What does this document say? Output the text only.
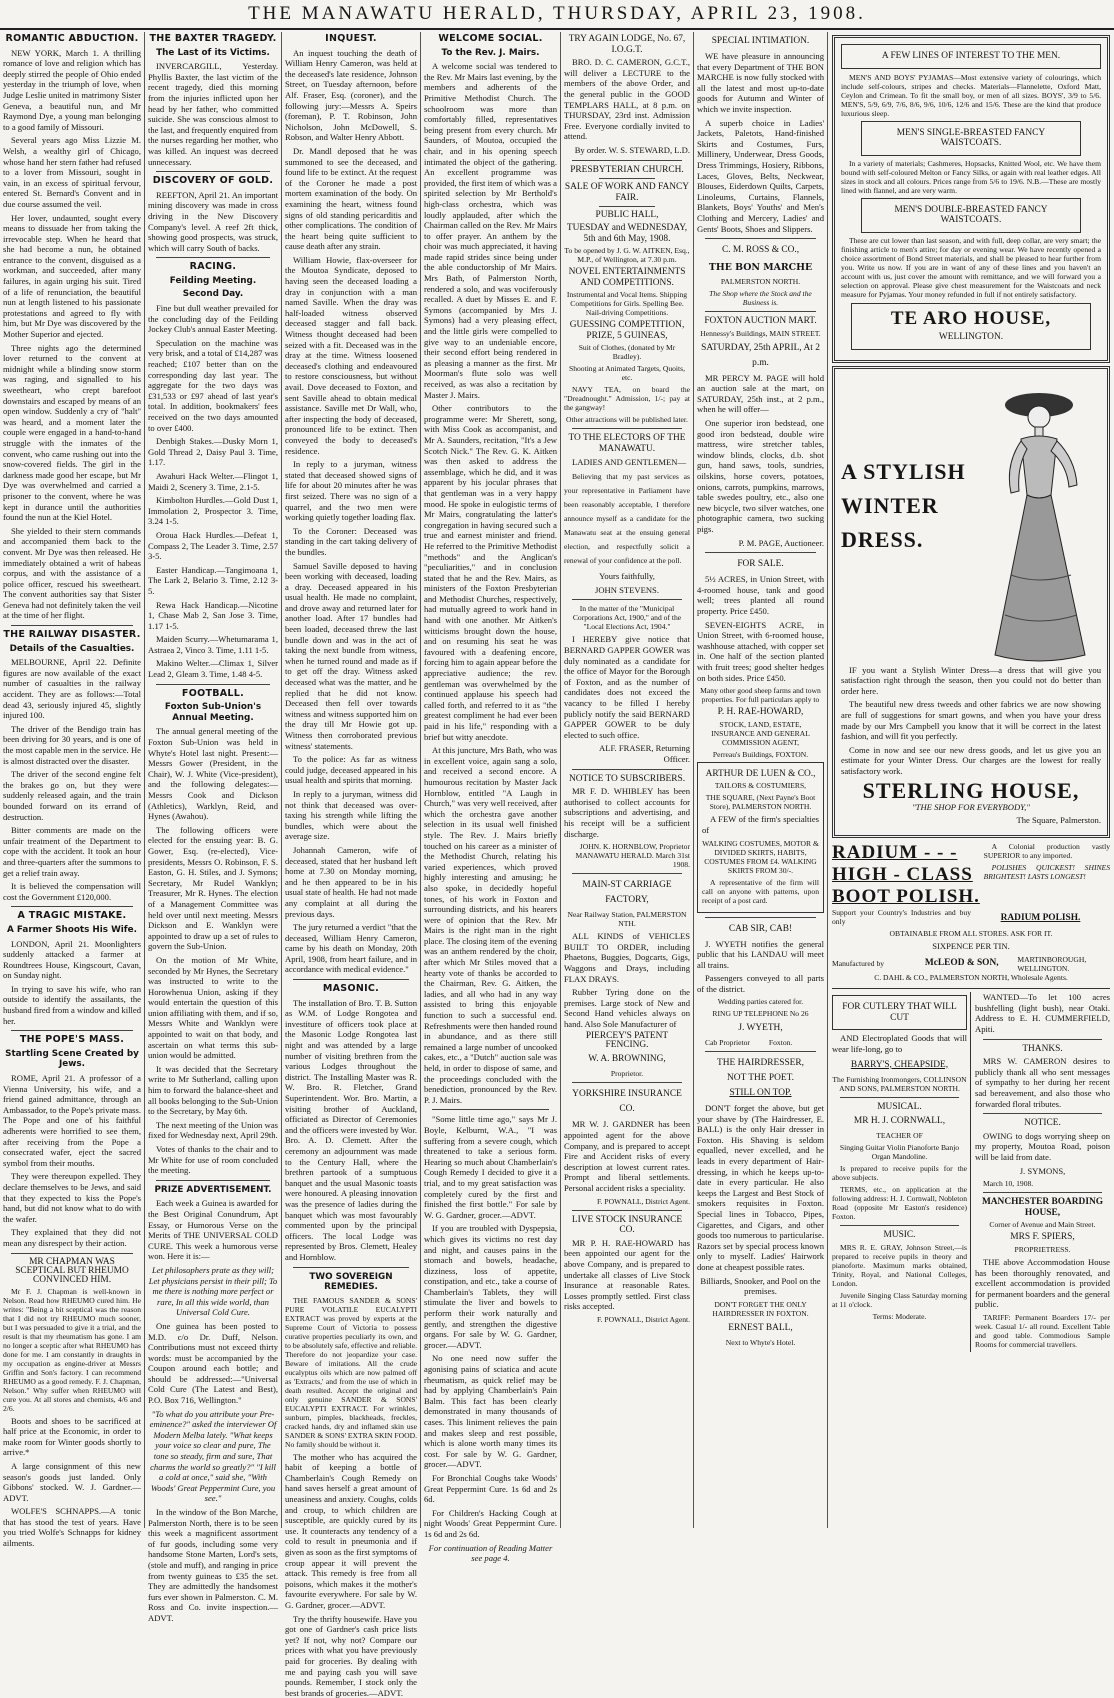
THE MANAWATU HERALD, THURSDAY, APRIL 23, 1908.
ROMANTIC ABDUCTION.

NEW YORK, March 1. A thrilling romance of love and religion which has deeply stirred the people of Ohio ended yesterday in the triumph of love, when Judge Leslie united in matrimony Sister Geneva, a beautiful nun, and Mr Raymond Dye, a young man belonging to a good family of Missouri.

Several years ago Miss Lizzie M. Welsh, a wealthy girl of Chicago, whose hand her stern father had refused to a lover from Missouri, sought in vain, in an excess of spiritual fervour, entered St. Bernard's Convent and in due course assumed the veil.

Her lover, undaunted, sought every means to dissuade her from taking the irrevocable step. When he heard that she had become a nun, he obtained entrance to the convent, disguised as a workman, and succeeded, after many failures, in again urging his suit. Tired of a life of renunciation, the beautiful nun at length listened to his passionate protestations and agreed to fly with him, but Mr Dye was discovered by the Mother Superior and ejected.

Three nights ago the determined lover returned to the convent at midnight while a blinding snow storm was raging, and signalled to his sweetheart, who crept barefoot downstairs and escaped by means of an open window. Suddenly a cry of "halt" was heard, and a moment later the couple were engaged in a hand-to-hand struggle with the inmates of the convent, who came rushing out into the snow-covered fields. The girl in the darkness made good her escape, but Mr Dye was overwhelmed and carried a prisoner to the convent, where he was kept in durance until the authorities found the nun at the Kiel Hotel.

She yielded to their stern commands and accompanied them back to the convent. Mr Dye was then released. He immediately obtained a writ of habeas corpus, and with the assistance of a police officer, rescued his sweetheart. The convent authorities say that Sister Geneva had not definitely taken the veil at the time of her flight.

THE RAILWAY DISASTER.
Details of the Casualties.

MELBOURNE, April 22. Definite figures are now available of the exact number of casualties in the railway accident. They are as follows:—Total dead 43, seriously injured 45, slightly injured 100.

The driver of the Bendigo train has been driving for 30 years, and is one of the most capable men in the service. He is almost distracted over the disaster.

The driver of the second engine felt the brakes go on, but they were suddenly released again, and the train bounded forward on its errand of destruction.

Bitter comments are made on the unfair treatment of the Department to cope with the accident. It took an hour and three-quarters after the summons to get a relief train away.

It is believed the compensation will cost the Government £120,000.

A TRAGIC MISTAKE.
A Farmer Shoots His Wife.

LONDON, April 21. Moonlighters suddenly attacked a farmer at Roundtrees House, Kingscourt, Cavan, on Sunday night.

In trying to save his wife, who ran outside to identify the assailants, the husband fired from a window and killed her.

THE POPE'S MASS.
Startling Scene Created by Jews.

ROME, April 21. A professor of a Vienna University, his wife, and a friend gained admittance, through an Ambassador, to the Pope's private mass. The Pope and one of his faithful adherents were horrified to see them, after receiving from the Pope a consecrated wafer, eject the sacred symbol from their mouths.

They were thereupon expelled. They declare themselves to be Jews, and said that they expected to kiss the Pope's hand, but did not know what to do with the wafer.

They explained that they did not mean any disrespect by their action.

MR CHAPMAN WAS SCEPTICAL BUT RHEUMO CONVINCED HIM.

Mr F. J. Chapman is well-known in Nelson. Read how RHEUMO cured him. He writes: "Being a bit sceptical was the reason that I did not try RHEUMO much sooner, but I was persuaded to give it a trial, and the result is that my rheumatism has gone. I am no longer a sceptic after what RHEUMO has done for me. I am constantly in draughts in my occupation as engine-driver at Messrs Griffin and Son's factory. I can recommend RHEUMO as a good remedy. F. J. Chapman, Nelson." Why suffer when RHEUMO will cure you. At all stores and chemists, 4/6 and 2/6.

Boots and shoes to be sacrificed at half price at the Economic, in order to make room for Winter goods shortly to arrive.*

A large consignment of this new season's goods just landed. Only Gibbons' stocked. W. J. Gardner.—ADVT.

WOLFE'S SCHNAPPS.—A tonic that has stood the test of years. Have you tried Wolfe's Schnapps for kidney ailments.

THE BAXTER TRAGEDY.
The Last of its Victims.

INVERCARGILL, Yesterday. Phyllis Baxter, the last victim of the recent tragedy, died this morning from the injuries inflicted upon her head by her father, who committed suicide. She was conscious almost to the last, and frequently enquired from the nurses regarding her mother, who was killed. An inquest was decreed unnecessary.

DISCOVERY OF GOLD.

REEFTON, April 21. An important mining discovery was made in cross driving in the New Discovery Company's level. A reef 2ft thick, showing good prospects, was struck, which will carry South of backs.

RACING.
Feilding Meeting.
Second Day.

Fine but dull weather prevailed for the concluding day of the Feilding Jockey Club's annual Easter Meeting.

Speculation on the machine was very brisk, and a total of £14,287 was reached; £107 better than on the corresponding day last year. The aggregate for the two days was £31,533 or £97 ahead of last year's total. In addition, bookmakers' fees received on the two days amounted to over £400.

Denbigh Stakes.—Dusky Morn 1, Gold Thread 2, Daisy Paul 3. Time, 1.17.

Awahuri Hack Welter.—Flingot 1, Maidi 2, Scenery 3. Time, 2.1-5.

Kimbolton Hurdles.—Gold Dust 1, Immolation 2, Prospector 3. Time, 3.24 1-5.

Oroua Hack Hurdles.—Defeat 1, Compass 2, The Leader 3. Time, 2.57 3-5.

Easter Handicap.—Tangimoana 1, The Lark 2, Belario 3. Time, 2.12 3-5.

Rewa Hack Handicap.—Nicotine 1, Chase Mab 2, San Jose 3. Time, 1.17 1-5.

Maiden Scurry.—Whetumarama 1, Astraea 2, Vinco 3. Time, 1.11 1-5.

Makino Welter.—Climax 1, Silver Lead 2, Gleam 3. Time, 1.48 4-5.

FOOTBALL.
Foxton Sub-Union's Annual Meeting.

The annual general meeting of the Foxton Sub-Union was held in Whyte's Hotel last night. Present:—Messrs Gower (President, in the Chair), W. J. White (Vice-president), and the following delegates:—Messrs Cook and Dickson (Athletics), Warklyn, Reid, and Hynes (Awahou).

The following officers were elected for the ensuing year: B. G. Gower, Esq. (re-elected), Vice-presidents, Messrs O. Robinson, F. S. Easton, G. H. Stiles, and J. Symons; Secretary, Mr Rudel Wanklyn; Treasurer, Mr R. Hynes. The election of a Management Committee was held over until next meeting. Messrs Dickson and E. Wanklyn were appointed to draw up a set of rules to govern the Sub-Union.

On the motion of Mr White, seconded by Mr Hynes, the Secretary was instructed to write to the Horowhenua Union, asking if they would entertain the question of this union affiliating with them, and if so, Messrs White and Wanklyn were appointed to wait on that body, and ascertain on what terms this sub-union would be admitted.

It was decided that the Secretary write to Mr Sutherland, calling upon him to forward the balance-sheet and all books belonging to the Sub-Union to the Secretary, by May 6th.

The next meeting of the Union was fixed for Wednesday next, April 29th.

Votes of thanks to the chair and to Mr White for use of room concluded the meeting.

PRIZE ADVERTISEMENT.

Each week a Guinea is awarded for the Best Original Conundrum, Apt Essay, or Humorous Verse on the Merits of THE UNIVERSAL COLD CURE. This week a humorous verse won. Here it is:—

Let philosophers prate as they will; Let physicians persist in their pill; To me there is nothing more perfect or rare, In all this wide world, than Universal Cold Cure.

One guinea has been posted to M.D. c/o Dr. Duff, Nelson. Contributions must not exceed thirty words: must be accompanied by the Coupon around each bottle; and should be addressed:—"Universal Cold Cure (The Latest and Best), P.O. Box 716, Wellington."

"To what do you attribute your Pre-eminence?" asked the interviewer Of Modern Melba lately. "What keeps your voice so clear and pure, The tone so steady, firm and sure, That charms the world so greatly?" "I kill a cold at once," said she, "With Woods' Great Peppermint Cure, you see."

In the window of the Bon Marche, Palmerston North, there is to be seen this week a magnificent assortment of fur goods, including some very handsome Stone Marten, Lord's sets, (stole and muff), and ranging in price from twenty guineas to £35 the set. They are admittedly the handsomest furs ever shown in Palmerston. C. M. Ross and Co. invite inspection.—ADVT.

INQUEST.

An inquest touching the death of William Henry Cameron, was held at the deceased's late residence, Johnson Street, on Tuesday afternoon, before Alf. Fraser, Esq. (coroner), and the following jury:—Messrs A. Speirs (foreman), P. T. Robinson, John Nicholson, John McDowell, S. Robson, and Walter Henry Abbott.

Dr. Mandl deposed that he was summoned to see the deceased, and found life to be extinct. At the request of the Coroner he made a post mortem examination of the body. On examining the heart, witness found signs of old standing pericarditis and other complications. The condition of the heart being quite sufficient to cause death after any strain.

William Howie, flax-overseer for the Moutoa Syndicate, deposed to having seen the deceased loading a dray in conjunction with a man named Saville. When the dray was half-loaded witness observed deceased stagger and fall back. Witness thought deceased had been seized with a fit. Deceased was in the dray at the time. Witness loosened deceased's clothing and endeavoured to restore consciousness, but without avail. Dove deceased to Foxton, and sent Saville ahead to obtain medical assistance. Saville met Dr Wall, who, after inspecting the body of deceased, pronounced life to be extinct. Then conveyed the body to deceased's residence.

In reply to a juryman, witness stated that deceased showed signs of life for about 20 minutes after he was first seized. There was no sign of a quarrel, and the two men were working quietly together loading flax.

To the Coroner: Deceased was standing in the cart taking delivery of the bundles.

Samuel Saville deposed to having been working with deceased, loading a dray. Deceased appeared in his usual health. He made no complaint, and drove away and returned later for another load. After 17 bundles had been loaded, deceased threw the last bundle down and was in the act of taking the next bundle from witness, when he turned round and made as if to get off the dray. Witness asked deceased what was the matter, and he replied that he did not know. Deceased then fell over towards witness and witness supported him on the dray till Mr Howie got up. Witness then corroborated previous witness' statements.

To the police: As far as witness could judge, deceased appeared in his usual health and spirits that morning.

In reply to a juryman, witness did not think that deceased was over-taxing his strength while lifting the bundles, which were about the average size.

Johannah Cameron, wife of deceased, stated that her husband left home at 7.30 on Monday morning, and he then appeared to be in his usual state of health. He had not made any complaint at all during the previous days.

The jury returned a verdict "that the deceased, William Henry Cameron, came by his death on Monday, 20th April, 1908, from heart failure, and in accordance with medical evidence."

MASONIC.

The installation of Bro. T. B. Sutton as W.M. of Lodge Rongotea and investiture of officers took place at the Masonic Lodge Rongotea last night and was attended by a large number of visiting brethren from the various Lodges throughout the district. The Installing Master was R. W. Bro. R. Fletcher, Grand Superintendent. Wor. Bro. Martin, a visiting brother of Auckland, officiated as Director of Ceremonies and the officers were invested by Wor. Bro. A. D. Clemett. After the ceremony an adjournment was made to the Century Hall, where the brethren partook of a sumptuous banquet and the usual Masonic toasts were honoured. A pleasing innovation was the presence of ladies during the banquet which was most favourably commented upon by the principal officers. The local Lodge was represented by Bros. Clemett, Healey and Hornblow.

TWO SOVEREIGN REMEDIES.

THE FAMOUS SANDER & SONS' PURE VOLATILE EUCALYPTI EXTRACT was proved by experts at the Supreme Court of Victoria to possess curative properties peculiarly its own, and to be absolutely safe, effective and reliable. Therefore do not jeopardize your case. Beware of imitations. All the crude eucalyptus oils which are now palmed off as 'Extracts,' and from the use of which in death resulted. Accept the original and only genuine SANDER & SONS' EUCALYPTI EXTRACT. For wrinkles, sunburn, pimples, blackheads, freckles, cracked hands, dry and inflamed skin use SANDER & SONS' EXTRA SKIN FOOD. No family should be without it.

The mother who has acquired the habit of keeping a bottle of Chamberlain's Cough Remedy on hand saves herself a great amount of uneasiness and anxiety. Coughs, colds and croup, to which children are susceptible, are quickly cured by its use. It counteracts any tendency of a cold to result in pneumonia and if given as soon as the first symptoms of croup appear it will prevent the attack. This remedy is free from all poisons, which makes it the mother's favourite everywhere. For sale by W. G. Gardner, grocer.—ADVT.

Try the thrifty housewife. Have you got one of Gardner's cash price lists yet? If not, why not? Compare our prices with what you have previously paid for groceries. By dealing with me and paying cash you will save pounds. Remember, I stock only the best brands of groceries.—ADVT.

WELCOME SOCIAL.
To the Rev. J. Mairs.

A welcome social was tendered to the Rev. Mr Mairs last evening, by the members and adherents of the Primitive Methodist Church. The schoolroom was more than comfortably filled, representatives being present from every church. Mr Saunders, of Moutoa, occupied the chair, and in his opening speech intimated the object of the gathering. An excellent programme was provided, the first item of which was a spirited selection by Mr Berthold's high-class orchestra, which was loudly applauded, after which the Chairman called on the Rev. Mr Mairs to offer prayer. An anthem by the choir was much appreciated, it having made rapid strides since being under the able conductorship of Mr Mairs. Mrs Bath, of Palmerston North, rendered a solo, and was vociferously recalled. A duet by Misses E. and F. Symons (accompanied by Mrs J. Symons) had a very pleasing effect, and the little girls were compelled to give way to an undeniable encore, their second effort being rendered in as pleasing a manner as the first. Mr Moorman's flute solo was well received, as was also a recitation by Master J. Mairs.

Other contributors to the programme were: Mr Sherett, song, with Miss Cook as accompanist, and Mr A. Saunders, recitation, "It's a Jew Scotch Nick." The Rev. G. K. Aitken was then asked to address the assemblage, which he did, and it was apparent by his jocular phrases that that gentleman was in a very happy mood. He spoke in eulogistic terms of Mr Mairs, congratulating the latter's congregation in having secured such a true and earnest minister and friend. He referred to the Primitive Methodist "methods" and the Anglican's "peculiarities," and in conclusion stated that he and the Rev. Mairs, as ministers of the Foxton Presbyterian and Methodist Churches, respectively, had mutually agreed to work hand in hand with one another. Mr Aitken's witticisms brought down the house, and on resuming his seat he was favoured with a deafening encore, forcing him to again appear before the appreciative audience; the rev. gentleman was overwhelmed by the continued applause his speech had called forth, and referred to it as "the greatest compliment he had ever been paid in his life," responding with a brief but witty anecdote.

At this juncture, Mrs Bath, who was in excellent voice, again sang a solo, and received a second encore. A humourous recitation by Master Jack Hornblow, entitled "A Laugh in Church," was very well received, after which the orchestra gave another selection in its usual well finished style. The Rev. J. Mairs briefly touched on his career as a minister of the Methodist Church, relating his varied experiences, which proved highly interesting and amusing; he also spoke, in decidedly hopeful tones, of his work in Foxton and surrounding districts, and his hearers were of opinion that the Rev. Mr Mairs is the right man in the right place. The closing item of the evening was an anthem rendered by the choir, after which Mr Stiles moved that a hearty vote of thanks be accorded to the Chairman, Rev. G. Aitken, the ladies, and all who had in any way assisted to bring this enjoyable function to such a successful end. Refreshments were then handed round in abundance, and as there still remained a large number of uncooked cakes, etc., a "Dutch" auction sale was held, in order to dispose of same, and the proceedings concluded with the benediction, pronounced by the Rev. P. J. Mairs.

"Some little time ago," says Mr J. Boyle, Kelburnt, W.A., "I was suffering from a severe cough, which threatened to take a serious form. Hearing so much about Chamberlain's Cough Remedy I decided to give it a trial, and to my great satisfaction was completely cured by the first and finished the first bottle." For sale by W. G. Gardner, grocer.—ADVT.

If you are troubled with Dyspepsia, which gives its victims no rest day and night, and causes pains in the stomach and bowels, headache, dizziness, loss of appetite, constipation, and etc., take a course of Chamberlain's Tablets, they will stimulate the liver and bowels to perform their work naturally and gently, and strengthen the digestive organs. For sale by W. G. Gardner, grocer.—ADVT.

No one need now suffer the agonising pains of sciatica and acute rheumatism, as quick relief may be had by applying Chamberlain's Pain Balm. This fact has been clearly demonstrated in many thousands of cases. This liniment relieves the pain and makes sleep and rest possible, which is alone worth many times its cost. For sale by W. G. Gardner, grocer.—ADVT.

For Bronchial Coughs take Woods' Great Peppermint Cure. 1s 6d and 2s 6d.

For Children's Hacking Cough at night Woods' Great Peppermint Cure. 1s 6d and 2s 6d.

For continuation of Reading Matter see page 4.

TRY AGAIN LODGE, No. 67, I.O.G.T.

BRO. D. C. CAMERON, G.C.T., will deliver a LECTURE to the members of the above Order, and the general public in the GOOD TEMPLARS HALL, at 8 p.m. on THURSDAY, 23rd inst. Admission Free. Everyone cordially invited to attend.

By order. W. S. STEWARD, L.D.

PRESBYTERIAN CHURCH.
SALE OF WORK AND FANCY FAIR.
PUBLIC HALL,
TUESDAY and WEDNESDAY, 5th and 6th May, 1908.

To be opened by J. G. W. AITKEN, Esq., M.P., of Wellington, at 7.30 p.m.

NOVEL ENTERTAINMENTS AND COMPETITIONS.

Instrumental and Vocal Items. Shipping Competitions for Girls. Spelling Bee. Nail-driving Competitions.

GUESSING COMPETITION, PRIZE, 5 GUINEAS,

Suit of Clothes, (donated by Mr Bradley).

Shooting at Animated Targets, Quoits, etc.

NAVY TEA, on board the "Dreadnought." Admission, 1/-; pay at the gangway!

Other attractions will be published later.

TO THE ELECTORS OF THE MANAWATU.

LADIES AND GENTLEMEN—

Believing that my past services as your representative in Parliament have been reasonably acceptable, I therefore announce myself as a candidate for the Manawatu seat at the ensuing general election, and respectfully solicit a renewal of your confidence at the poll.

Yours faithfully,

JOHN STEVENS.

In the matter of the "Municipal Corporations Act, 1900," and of the "Local Elections Act, 1904."

I HEREBY give notice that BERNARD GAPPER GOWER was duly nominated as a candidate for the office of Mayor for the Borough of Foxton, and as the number of candidates does not exceed the vacancy to be filled I hereby publicly notify the said BERNARD GAPPER GOWER to be duly elected to such office.

ALF. FRASER, Returning Officer.

NOTICE TO SUBSCRIBERS.

MR F. D. WHIBLEY has been authorised to collect accounts for subscriptions and advertising, and his receipt will be a sufficient discharge.

JOHN. K. HORNBLOW, Proprietor MANAWATU HERALD. March 31st 1908.

MAIN-ST CARRIAGE FACTORY,

Near Railway Station, PALMERSTON NTH.

ALL KINDS of VEHICLES BUILT TO ORDER, including Phaetons, Buggies, Dogcarts, Gigs, Waggons and Drays, including FLAX DRAYS.

Rubber Tyring done on the premises. Large stock of New and Second Hand vehicles always on hand. Also Sole Manufacturer of

PIERCEY'S PATENT FENCING.
W. A. BROWNING,

Proprietor.

YORKSHIRE INSURANCE CO.

MR W. J. GARDNER has been appointed agent for the above Company, and is prepared to accept Fire and Accident risks of every description at lowest current rates. Prompt and liberal settlements. Personal accident risks a speciality.

F. POWNALL, District Agent.

LIVE STOCK INSURANCE CO.

MR P. H. RAE-HOWARD has been appointed our agent for the above Company, and is prepared to undertake all classes of Live Stock Insurance at reasonable Rates. Losses promptly settled. First class risks accepted.

F. POWNALL, District Agent.

SPECIAL INTIMATION.

WE have pleasure in announcing that every Department of THE BON MARCHE is now fully stocked with all the latest and most up-to-date goods for Autumn and Winter of which we invite inspection.

A superb choice in Ladies' Jackets, Paletots, Hand-finished Skirts and Costumes, Furs, Millinery, Underwear, Dress Goods, Dress Trimmings, Hosiery, Ribbons, Laces, Gloves, Belts, Neckwear, Blouses, Eiderdown Quilts, Carpets, Linoleums, Curtains, Flannels, Blankets, Boys' Youths' and Men's Clothing and Mercery, Ladies' and Gents' Boots, Shoes and Slippers.

C. M. ROSS & CO.,
THE BON MARCHE

PALMERSTON NORTH.

The Shop where the Stock and the Business is.

FOXTON AUCTION MART.

Hennessy's Buildings, MAIN STREET.

SATURDAY, 25th APRIL, At 2 p.m.

MR PERCY M. PAGE will hold an auction sale at the mart, on SATURDAY, 25th inst., at 2 p.m., when he will offer—

One superior iron bedstead, one good iron bedstead, double wire mattress, wire stretcher tables, window blinds, clocks, d.b. shot gun, hand saws, tools, sundries, oilskins, horse covers, potatoes, onions, carrots, pumpkins, marrows, table swedes poultry, etc., also one new bicycle, two silver watches, one photographic camera, two sucking pigs.

P. M. PAGE, Auctioneer.

FOR SALE.

5½ ACRES, in Union Street, with 4-roomed house, tank and good well; trees planted all round property. Price £450.

SEVEN-EIGHTS ACRE, in Union Street, with 6-roomed house, washhouse attached, with copper set in. One half of the section planted with fruit trees; good shelter hedges on both sides. Price £450.

Many other good sheep farms and town properties. For full particulars apply to

P. H. RAE-HOWARD,

STOCK, LAND, ESTATE, INSURANCE AND GENERAL COMMISSION AGENT,

Perreau's Buildings, FOXTON.

ARTHUR DE LUEN & CO.,

TAILORS & COSTUMIERS,

THE SQUARE, (Next Payne's Boot Store), PALMERSTON NORTH.

A FEW of the firm's specialties of

WALKING COSTUMES, MOTOR & DIVIDED SKIRTS, HABITS, COSTUMES FROM £4. WALKING SKIRTS FROM 30/-.

A representative of the firm will call on anyone with patterns, upon receipt of a post card.

CAB SIR, CAB!

J. WYETH notifies the general public that his LANDAU will meet all trains.

Passengers conveyed to all parts of the district.

Wedding parties catered for.

RING UP TELEPHONE No 26

J. WYETH,

Cab Proprietor          Foxton.

THE HAIRDRESSER,
NOT THE POET.
STILL ON TOP.

DON'T forget the above, but get your shave by (The Hairdresser, E. BALL) is the only Hair dresser in Foxton. His Shaving is seldom equalled, never excelled, and he leads in every department of Hair-dressing, in which he keeps up-to-date in every particular. He also keeps the Largest and Best Stock of smokers requisites in Foxton. Special lines in Tobacco, Pipes, Cigarettes, and Cigars, and other goods too numerous to particularise. Razors set by special process known only to myself. Ladies' Hairwork done at cheapest possible rates.

Billiards, Snooker, and Pool on the premises.

DON'T FORGET THE ONLY HAIRDRESSER IN FOXTON.

ERNEST BALL,

Next to Whyte's Hotel.

A FEW LINES OF INTEREST TO THE MEN.

MEN'S AND BOYS' PYJAMAS—Most extensive variety of colourings, which include self-colours, stripes and checks. Materials—Flannelette, Oxford Matt, Ceylon and Crimean. To fit the small boy, or men of all sizes. BOYS', 3/9 to 5/6. MEN'S, 5/9, 6/9, 7/6, 8/6, 9/6, 10/6, 12/6 and 15/6. These are the kind that produce luxurious sleep.

MEN'S SINGLE-BREASTED FANCY WAISTCOATS.

In a variety of materials; Cashmeres, Hopsacks, Knitted Wool, etc. We have them bound with self-coloured Melton or Fancy Silks, or again with real leather edges. All sizes in stock and all colours. Prices range from 5/6 to 19/6. N.B.—These are mostly lined with flannel, and are very warm.

MEN'S DOUBLE-BREASTED FANCY WAISTCOATS.

These are cut lower than last season, and with full, deep collar, are very smart; the finishing article to men's attire; for day or evening wear. We have recently opened a choice assortment of Bond Street materials, and shall be pleased to hear further from you. Write us now. If you are in want of any of these lines and you haven't an account with us, just cover the amount with remittance, and we will forward you a selection on approval. Please give chest measurement for the Waistcoats and neck measure for Pyjamas. Your money refunded in full if not entirely satisfactory.

TE ARO HOUSE,
WELLINGTON.
A STYLISH
WINTER
DRESS.

IF you want a Stylish Winter Dress—a dress that will give you satisfaction right through the season, then you could not do better than order here.

The beautiful new dress tweeds and other fabrics we are now showing are full of suggestions for smart gowns, and when you have your dress made by our Mrs Campbell you know that it will be correct in the latest fashion, and will fit you perfectly.

Come in now and see our new dress goods, and let us give you an estimate for your Winter Dress. Our charges are the lowest for really satisfactory work.

STERLING HOUSE,

"THE SHOP FOR EVERYBODY,"

The Square, Palmerston.

RADIUM - - -
HIGH - CLASS
BOOT POLISH.

A Colonial production vastly SUPERIOR to any imported.

POLISHES QUICKEST! SHINES BRIGHTEST! LASTS LONGEST!

Support your Country's Industries and buy only	RADIUM POLISH.

OBTAINABLE FROM ALL STORES. ASK FOR IT.

SIXPENCE PER TIN.

Manufactured by	McLEOD & SON,	MARTINBOROUGH, WELLINGTON.

C. DAHL & CO., PALMERSTON NORTH, Wholesale Agents.

FOR CUTLERY THAT WILL CUT

AND Electroplated Goods that will wear life-long, go to

BARRY'S, CHEAPSIDE,

The Furnishing Ironmongers, COLLINSON AND SONS, PALMERSTON NORTH.

MUSICAL.
MR H. J. CORNWALL,

TEACHER OF

Singing Guitar Violin Pianoforte Banjo Organ Mandoline.

Is prepared to receive pupils for the above subjects.

TERMS, etc., on application at the following address: H. J. Cornwall, Nobleton Road (opposite Mr Easton's residence) Foxton.

MUSIC.

MRS R. E. GRAY, Johnson Street,—is prepared to receive pupils in theory and pianoforte. Maximum marks obtained, Trinity, Royal, and National Colleges, London.

Juvenile Singing Class Saturday morning at 11 o'clock.

Terms: Moderate.

WANTED—To let 100 acres bushfelling (light bush), near Otaki. Address to E. H. CUMMERFIELD, Apiti.

THANKS.

MRS W. CAMERON desires to publicly thank all who sent messages of sympathy to her during her recent sad bereavement, and also those who forwarded floral tributes.

NOTICE.

OWING to dogs worrying sheep on my property, Moutoa Road, poison will be laid from date.

J. SYMONS,

March 10, 1908.

MANCHESTER BOARDING HOUSE,

Corner of Avenue and Main Street.

MRS F. SPIERS,

PROPRIETRESS.

THE above Accommodation House has been thoroughly renovated, and excellent accommodation is provided for permanent boarders and the general public.

TARIFF: Permanent Boarders 17/- per week. Casual 1/- all round. Excellent Table and good table. Commodious Sample Rooms for commercial travellers.
